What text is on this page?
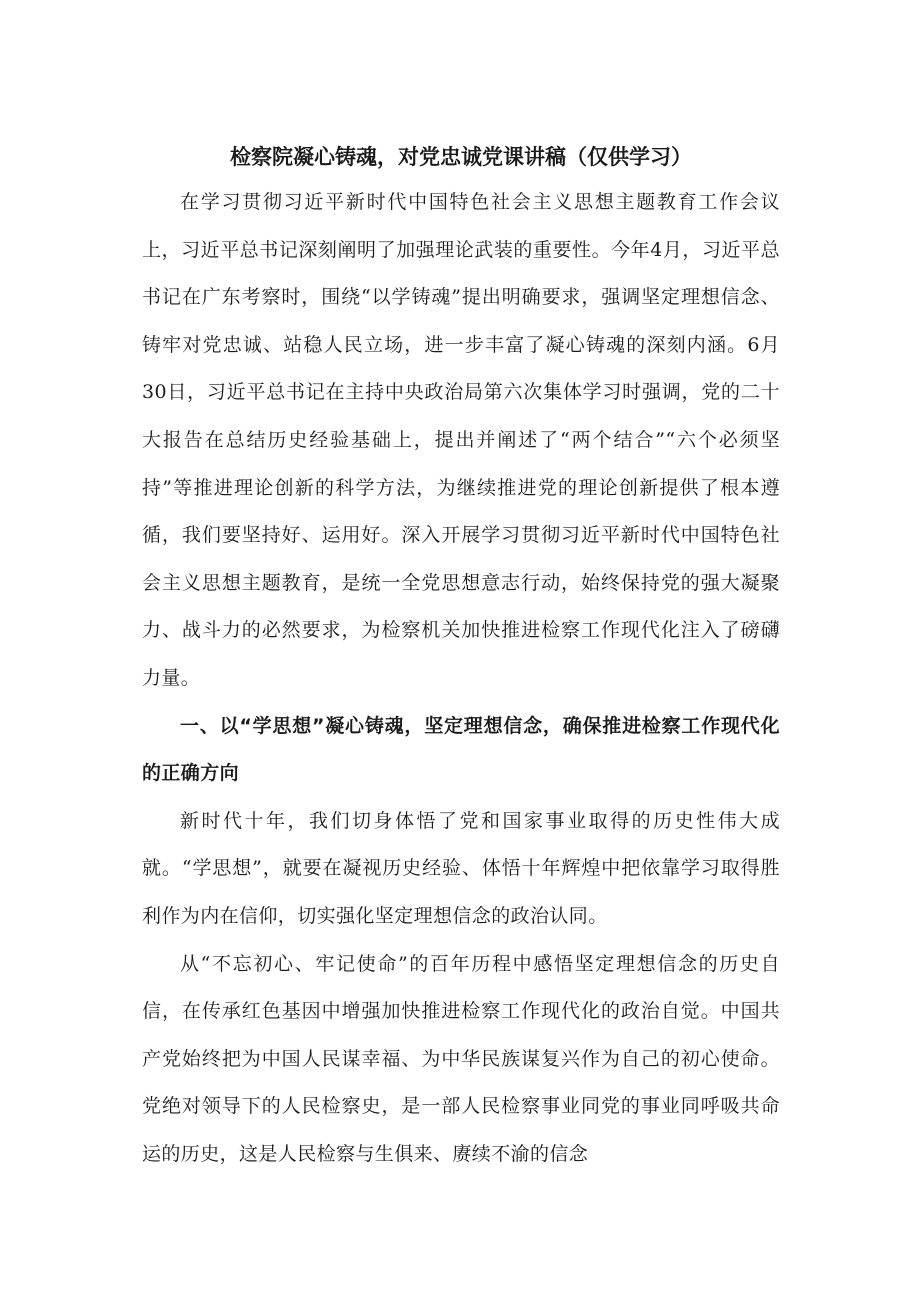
检察院凝心铸魂，对党忠诚党课讲稿（仅供学习）

在学习贯彻习近平新时代中国特色社会主义思想主题教育工作会议上，习近平总书记深刻阐明了加强理论武装的重要性。今年4月，习近平总书记在广东考察时，围绕“以学铸魂”提出明确要求，强调坚定理想信念、铸牢对党忠诚、站稳人民立场，进一步丰富了凝心铸魂的深刻内涵。6月30日，习近平总书记在主持中央政治局第六次集体学习时强调，党的二十大报告在总结历史经验基础上，提出并阐述了“两个结合”“六个必须坚持”等推进理论创新的科学方法，为继续推进党的理论创新提供了根本遵循，我们要坚持好、运用好。深入开展学习贯彻习近平新时代中国特色社会主义思想主题教育，是统一全党思想意志行动，始终保持党的强大凝聚力、战斗力的必然要求，为检察机关加快推进检察工作现代化注入了磅礴力量。

一、以“学思想”凝心铸魂，坚定理想信念，确保推进检察工作现代化的正确方向

新时代十年，我们切身体悟了党和国家事业取得的历史性伟大成就。“学思想”，就要在凝视历史经验、体悟十年辉煌中把依靠学习取得胜利作为内在信仰，切实强化坚定理想信念的政治认同。

从“不忘初心、牢记使命”的百年历程中感悟坚定理想信念的历史自信，在传承红色基因中增强加快推进检察工作现代化的政治自觉。中国共产党始终把为中国人民谋幸福、为中华民族谋复兴作为自己的初心使命。党绝对领导下的人民检察史，是一部人民检察事业同党的事业同呼吸共命运的历史，这是人民检察与生俱来、赓续不渝的信念
